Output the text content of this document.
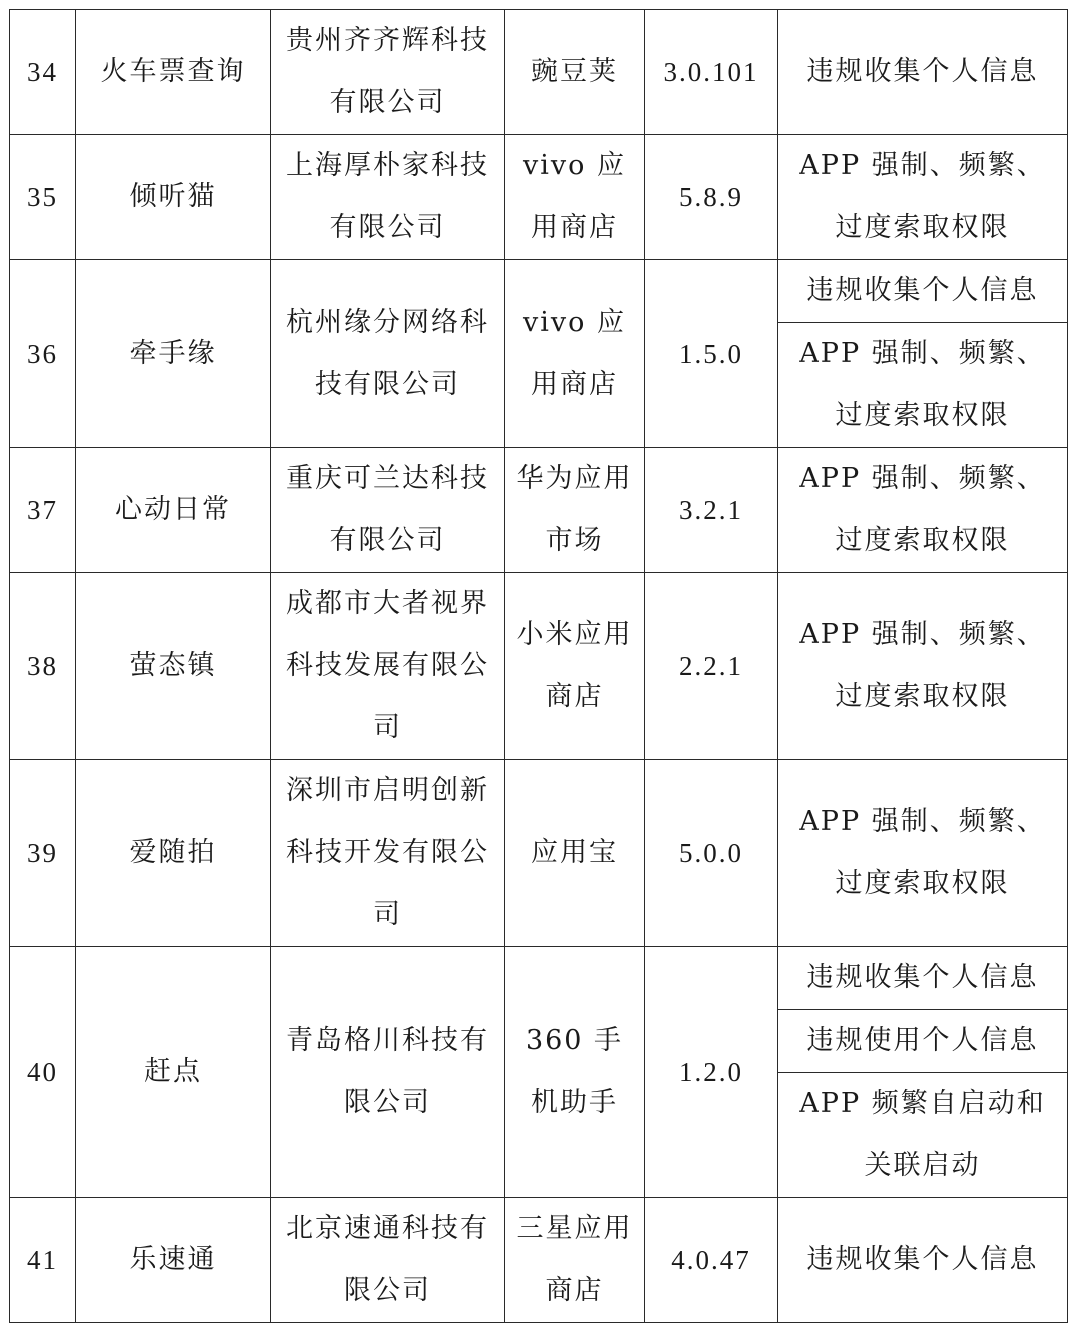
34	火车票查询	贵州齐齐辉科技有限公司	豌豆荚	3.0.101	违规收集个人信息
35	倾听猫	上海厚朴家科技有限公司	vivo 应用商店	5.8.9	APP 强制、频繁、过度索取权限
36	牵手缘	杭州缘分网络科技有限公司	vivo 应用商店	1.5.0	违规收集个人信息
					APP 强制、频繁、过度索取权限
37	心动日常	重庆可兰达科技有限公司	华为应用市场	3.2.1	APP 强制、频繁、过度索取权限
38	萤态镇	成都市大者视界科技发展有限公司	小米应用商店	2.2.1	APP 强制、频繁、过度索取权限
39	爱随拍	深圳市启明创新科技开发有限公司	应用宝	5.0.0	APP 强制、频繁、过度索取权限
40	赶点	青岛格川科技有限公司	360 手机助手	1.2.0	违规收集个人信息
					违规使用个人信息
					APP 频繁自启动和关联启动
41	乐速通	北京速通科技有限公司	三星应用商店	4.0.47	违规收集个人信息
